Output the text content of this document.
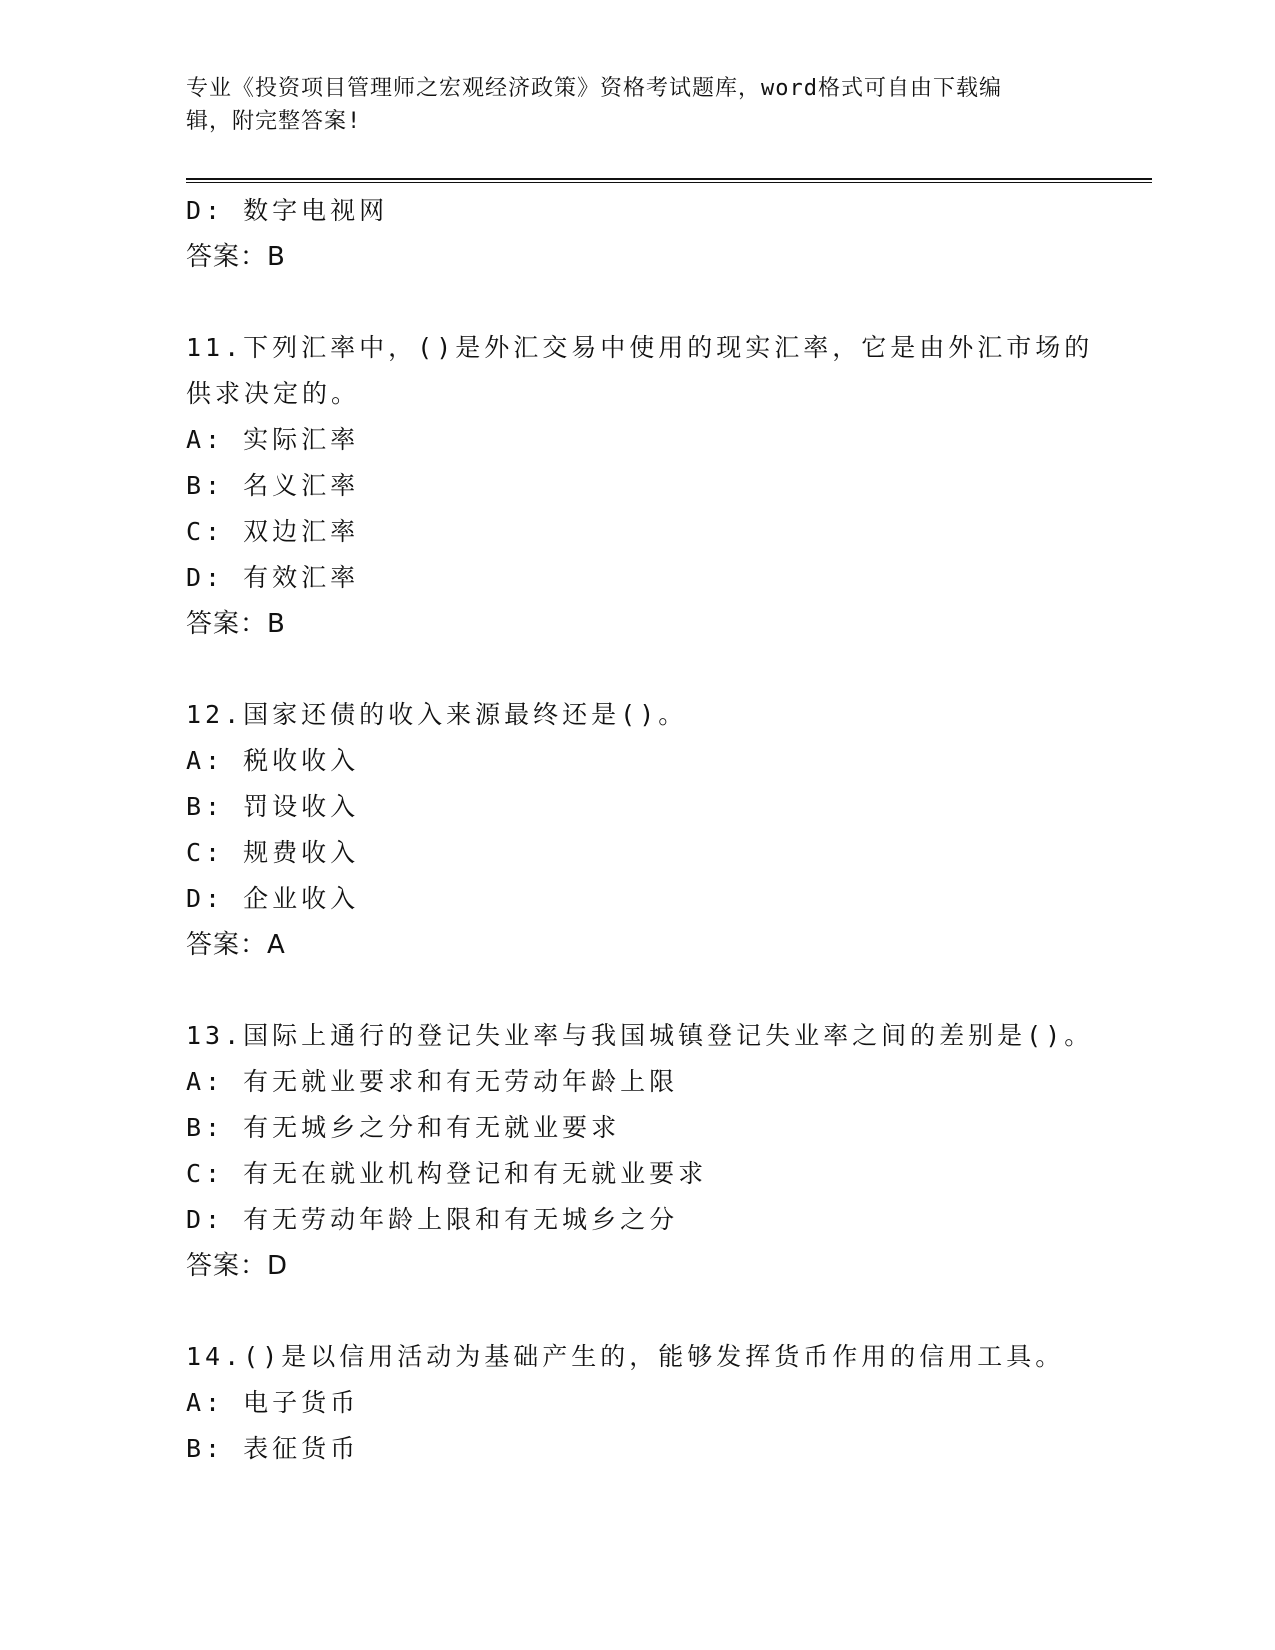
专业《投资项目管理师之宏观经济政策》资格考试题库，word格式可自由下载编
辑，附完整答案!
D: 数字电视网
答案：B
11.下列汇率中，()是外汇交易中使用的现实汇率，它是由外汇市场的
供求决定的。
A: 实际汇率
B: 名义汇率
C: 双边汇率
D: 有效汇率
答案：B
12.国家还债的收入来源最终还是()。
A: 税收收入
B: 罚设收入
C: 规费收入
D: 企业收入
答案：A
13.国际上通行的登记失业率与我国城镇登记失业率之间的差别是()。
A: 有无就业要求和有无劳动年龄上限
B: 有无城乡之分和有无就业要求
C: 有无在就业机构登记和有无就业要求
D: 有无劳动年龄上限和有无城乡之分
答案：D
14.()是以信用活动为基础产生的，能够发挥货币作用的信用工具。
A: 电子货币
B: 表征货币
